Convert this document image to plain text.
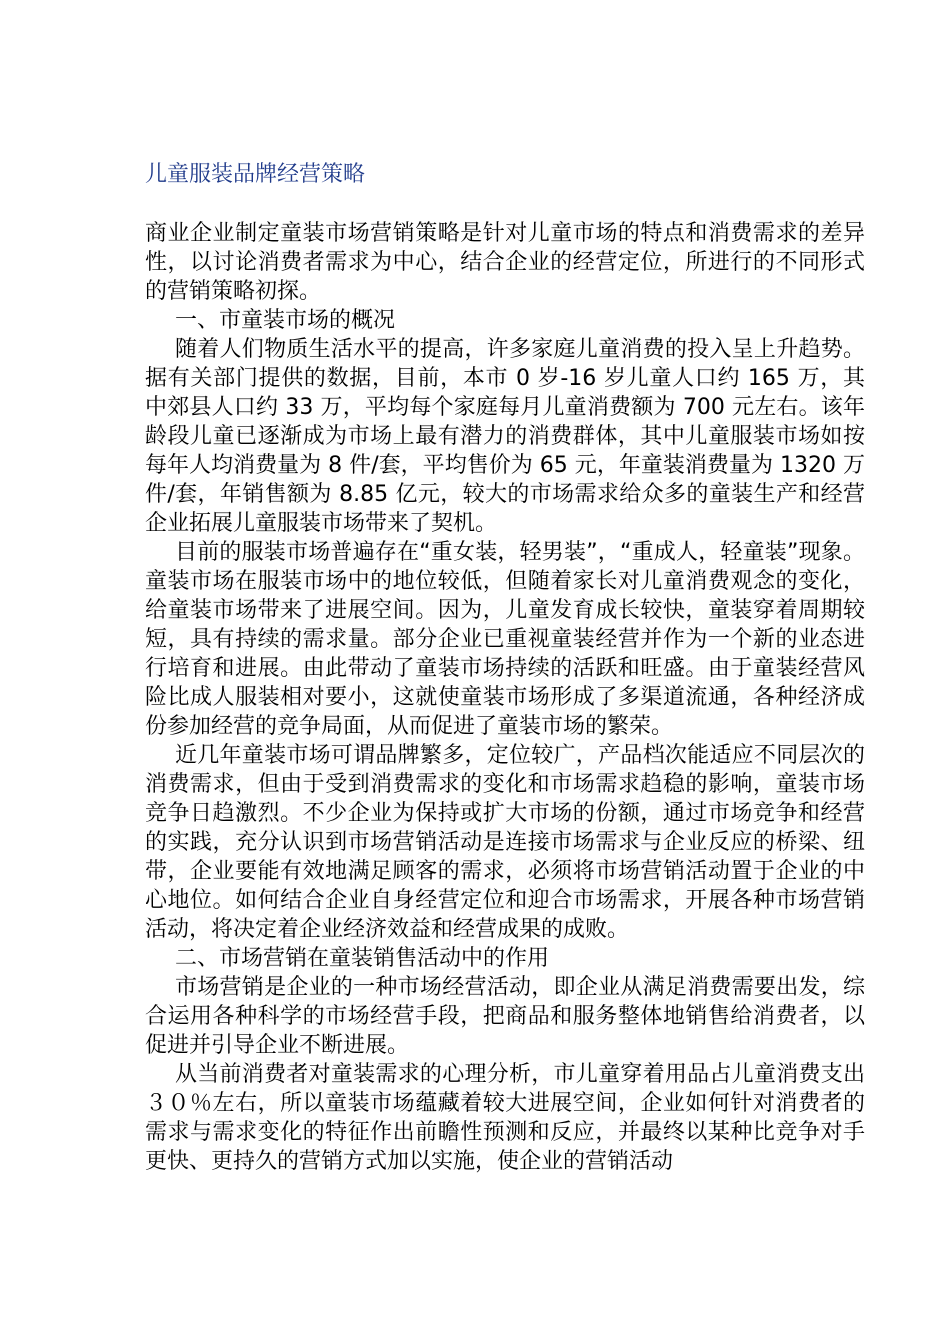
儿童服装品牌经营策略

商业企业制定童装市场营销策略是针对儿童市场的特点和消费需求的差异性，以讨论消费者需求为中心，结合企业的经营定位，所进行的不同形式的营销策略初探。

一、市童装市场的概况

随着人们物质生活水平的提高，许多家庭儿童消费的投入呈上升趋势。据有关部门提供的数据，目前，本市 0 岁-16 岁儿童人口约 165 万，其中郊县人口约 33 万，平均每个家庭每月儿童消费额为 700 元左右。该年龄段儿童已逐渐成为市场上最有潜力的消费群体，其中儿童服装市场如按每年人均消费量为 8 件/套，平均售价为 65 元，年童装消费量为 1320 万件/套，年销售额为 8.85 亿元，较大的市场需求给众多的童装生产和经营企业拓展儿童服装市场带来了契机。

目前的服装市场普遍存在“重女装，轻男装”，“重成人，轻童装”现象。童装市场在服装市场中的地位较低，但随着家长对儿童消费观念的变化，给童装市场带来了进展空间。因为，儿童发育成长较快，童装穿着周期较短，具有持续的需求量。部分企业已重视童装经营并作为一个新的业态进行培育和进展。由此带动了童装市场持续的活跃和旺盛。由于童装经营风险比成人服装相对要小，这就使童装市场形成了多渠道流通，各种经济成份参加经营的竞争局面，从而促进了童装市场的繁荣。

近几年童装市场可谓品牌繁多，定位较广，产品档次能适应不同层次的消费需求，但由于受到消费需求的变化和市场需求趋稳的影响，童装市场竞争日趋激烈。不少企业为保持或扩大市场的份额，通过市场竞争和经营的实践，充分认识到市场营销活动是连接市场需求与企业反应的桥梁、纽带，企业要能有效地满足顾客的需求，必须将市场营销活动置于企业的中心地位。如何结合企业自身经营定位和迎合市场需求，开展各种市场营销活动，将决定着企业经济效益和经营成果的成败。

二、市场营销在童装销售活动中的作用

市场营销是企业的一种市场经营活动，即企业从满足消费需要出发，综合运用各种科学的市场经营手段，把商品和服务整体地销售给消费者，以促进并引导企业不断进展。

从当前消费者对童装需求的心理分析，市儿童穿着用品占儿童消费支出３０％左右，所以童装市场蕴藏着较大进展空间，企业如何针对消费者的需求与需求变化的特征作出前瞻性预测和反应，并最终以某种比竞争对手更快、更持久的营销方式加以实施，使企业的营销活动
